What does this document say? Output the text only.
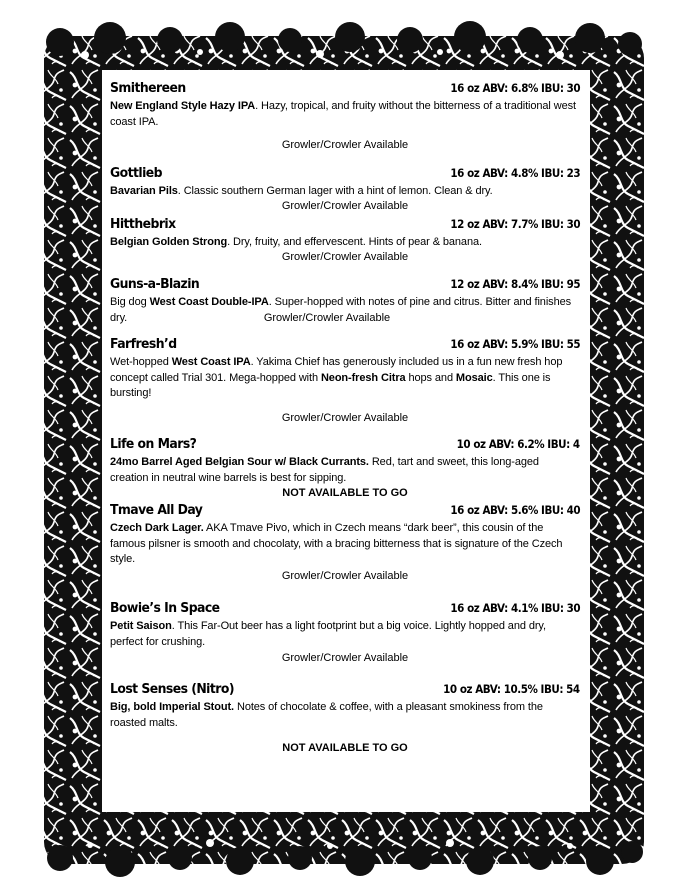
Smithereen	16 oz ABV: 6.8% IBU: 30
New England Style Hazy IPA. Hazy, tropical, and fruity without the bitterness of a traditional west coast IPA.
Growler/Crowler Available
Gottlieb	16 oz ABV: 4.8% IBU: 23
Bavarian Pils. Classic southern German lager with a hint of lemon. Clean & dry.
Growler/Crowler Available
Hitthebrix	12 oz ABV: 7.7% IBU: 30
Belgian Golden Strong. Dry, fruity, and effervescent. Hints of pear & banana.
Growler/Crowler Available
Guns-a-Blazin	12 oz ABV: 8.4% IBU: 95
Big dog West Coast Double-IPA. Super-hopped with notes of pine and citrus. Bitter and finishes dry.	Growler/Crowler Available
Farfresh’d	16 oz ABV: 5.9% IBU: 55
Wet-hopped West Coast IPA. Yakima Chief has generously included us in a fun new fresh hop concept called Trial 301. Mega-hopped with Neon-fresh Citra hops and Mosaic. This one is bursting!
Growler/Crowler Available
Life on Mars?	10 oz ABV: 6.2% IBU: 4
24mo Barrel Aged Belgian Sour w/ Black Currants. Red, tart and sweet, this long-aged creation in neutral wine barrels is best for sipping.
NOT AVAILABLE TO GO
Tmave All Day	16 oz ABV: 5.6% IBU: 40
Czech Dark Lager. AKA Tmave Pivo, which in Czech means “dark beer”, this cousin of the famous pilsner is smooth and chocolaty, with a bracing bitterness that is signature of the Czech style.
Growler/Crowler Available
Bowie’s In Space	16 oz ABV: 4.1% IBU: 30
Petit Saison. This Far-Out beer has a light footprint but a big voice. Lightly hopped and dry, perfect for crushing.
Growler/Crowler Available
Lost Senses (Nitro)	10 oz ABV: 10.5% IBU: 54
Big, bold Imperial Stout. Notes of chocolate & coffee, with a pleasant smokiness from the roasted malts.
NOT AVAILABLE TO GO
